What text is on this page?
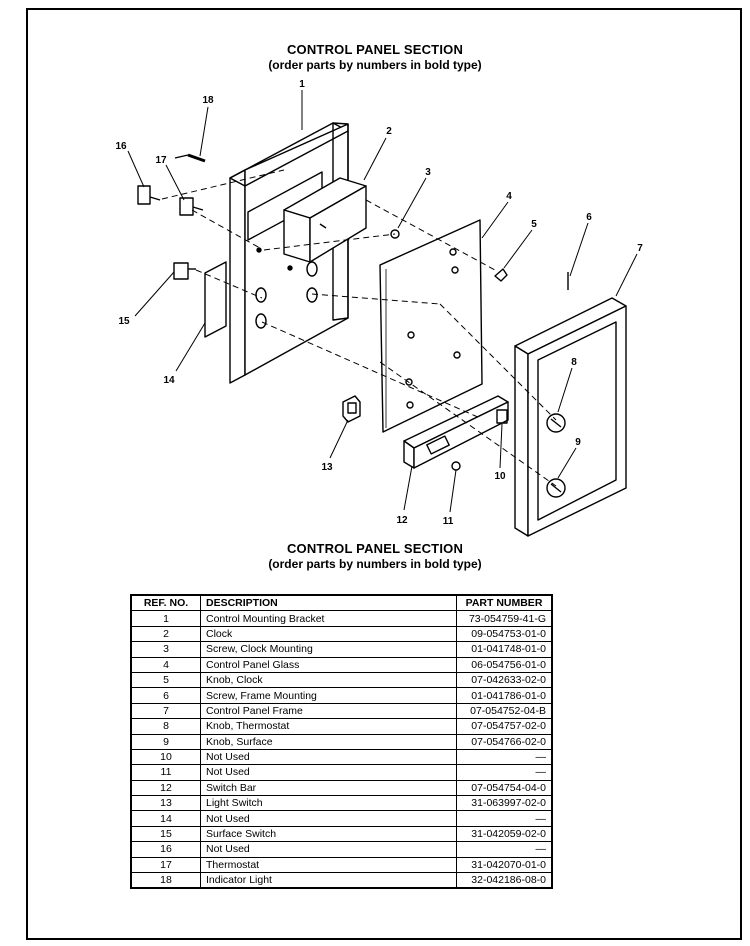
CONTROL PANEL SECTION
(order parts by numbers in bold type)
1
2
3
4
5
6
7
8
9
10
11
12
13
14
15
16
17
18
CONTROL PANEL SECTION
(order parts by numbers in bold type)
REF. NO.	DESCRIPTION	PART NUMBER
1	Control Mounting Bracket	73-054759-41-G
2	Clock	09-054753-01-0
3	Screw, Clock Mounting	01-041748-01-0
4	Control Panel Glass	06-054756-01-0
5	Knob, Clock	07-042633-02-0
6	Screw, Frame Mounting	01-041786-01-0
7	Control Panel Frame	07-054752-04-B
8	Knob, Thermostat	07-054757-02-0
9	Knob, Surface	07-054766-02-0
10	Not Used	—
11	Not Used	—
12	Switch Bar	07-054754-04-0
13	Light Switch	31-063997-02-0
14	Not Used	—
15	Surface Switch	31-042059-02-0
16	Not Used	—
17	Thermostat	31-042070-01-0
18	Indicator Light	32-042186-08-0
